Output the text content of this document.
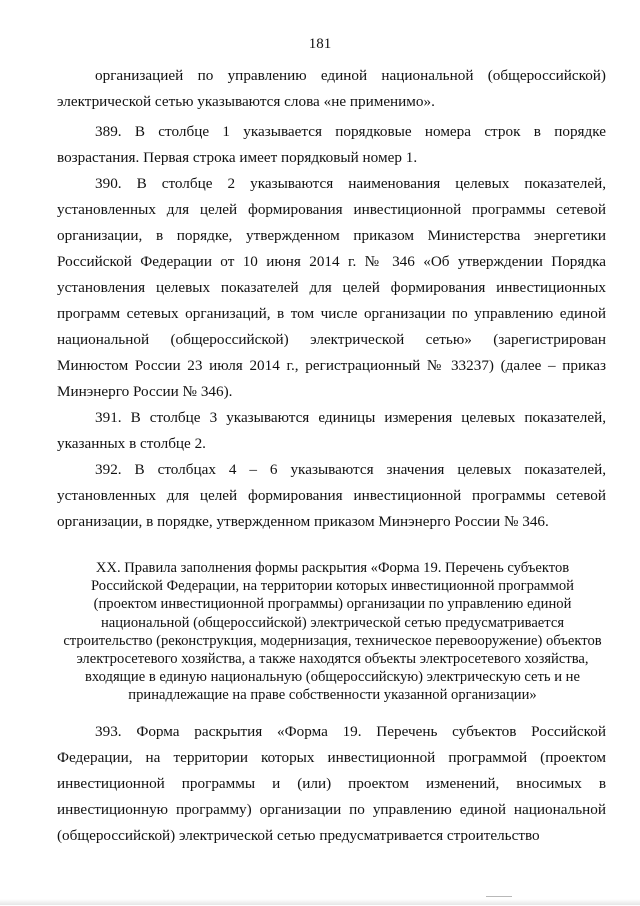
181

организацией по управлению единой национальной (общероссийской) электрической сетью указываются слова «не применимо».

389. В столбце 1 указывается порядковые номера строк в порядке возрастания. Первая строка имеет порядковый номер 1.

390. В столбце 2 указываются наименования целевых показателей, установленных для целей формирования инвестиционной программы сетевой организации, в порядке, утвержденном приказом Министерства энергетики Российской Федерации от 10 июня 2014 г. № 346 «Об утверждении Порядка установления целевых показателей для целей формирования инвестиционных программ сетевых организаций, в том числе организации по управлению единой национальной (общероссийской) электрической сетью» (зарегистрирован Минюстом России 23 июля 2014 г., регистрационный № 33237) (далее – приказ Минэнерго России № 346).

391. В столбце 3 указываются единицы измерения целевых показателей, указанных в столбце 2.

392. В столбцах 4 – 6 указываются значения целевых показателей, установленных для целей формирования инвестиционной программы сетевой организации, в порядке, утвержденном приказом Минэнерго России № 346.

XX. Правила заполнения формы раскрытия «Форма 19. Перечень субъектов Российской Федерации, на территории которых инвестиционной программой (проектом инвестиционной программы) организации по управлению единой национальной (общероссийской) электрической сетью предусматривается строительство (реконструкция, модернизация, техническое перевооружение) объектов электросетевого хозяйства, а также находятся объекты электросетевого хозяйства, входящие в единую национальную (общероссийскую) электрическую сеть и не принадлежащие на праве собственности указанной организации»

393. Форма раскрытия «Форма 19. Перечень субъектов Российской Федерации, на территории которых инвестиционной программой (проектом инвестиционной программы и (или) проектом изменений, вносимых в инвестиционную программу) организации по управлению единой национальной (общероссийской) электрической сетью предусматривается строительство
